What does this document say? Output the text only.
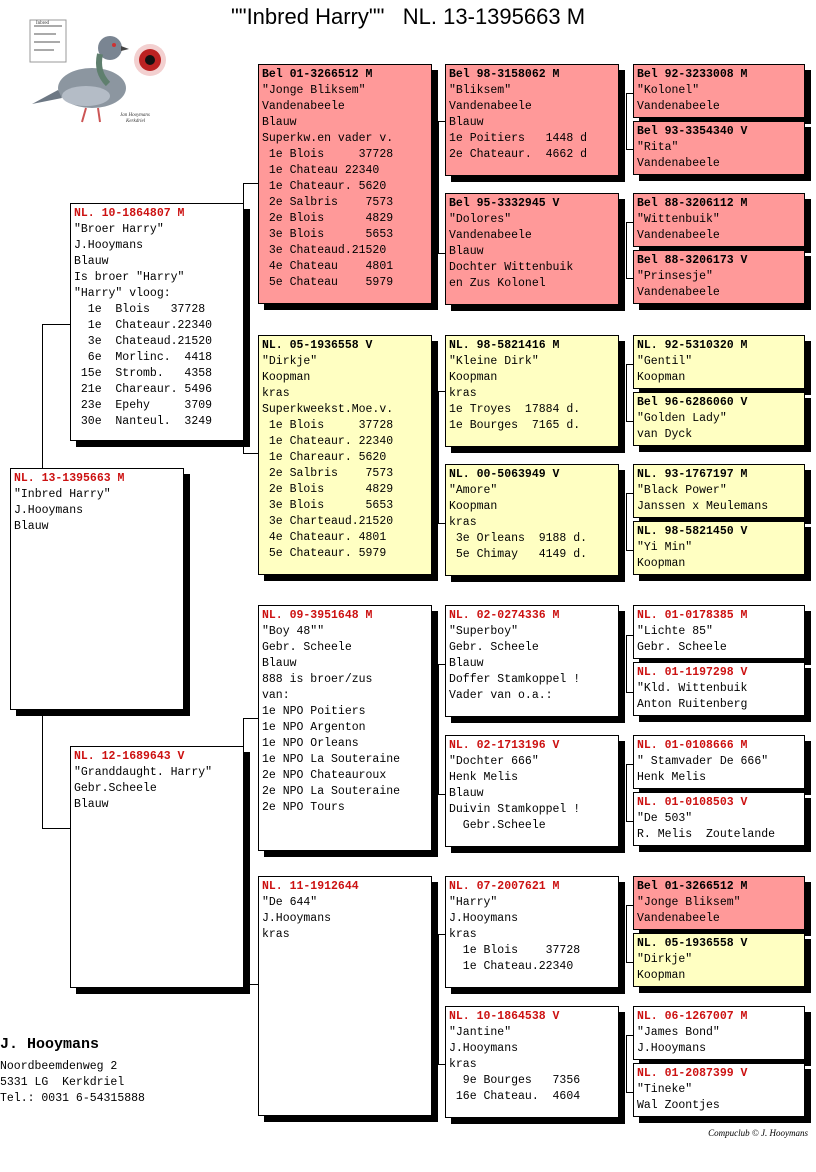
""Inbred Harry""   NL. 13-1395663 M
Inbred
Jan Hooymans
Kerkdriel
NL. 13-1395663 M
"Inbred Harry"
J.Hooymans
Blauw
NL. 10-1864807 M
"Broer Harry"
J.Hooymans
Blauw
Is broer "Harry"
"Harry" vloog:
1e  Blois   37728
1e  Chateaur.22340
3e  Chateaud.21520
6e  Morlinc.  4418
15e  Stromb.   4358
21e  Chareaur. 5496
23e  Epehy     3709
30e  Nanteul.  3249
NL. 12-1689643 V
"Granddaught. Harry"
Gebr.Scheele
Blauw
Bel 01-3266512 M
"Jonge Bliksem"
Vandenabeele
Blauw
Superkw.en vader v.
1e Blois     37728
1e Chateau 22340
1e Chateaur. 5620
2e Salbris    7573
2e Blois      4829
3e Blois      5653
3e Chateaud.21520
4e Chateau    4801
5e Chateau    5979
NL. 05-1936558 V
"Dirkje"
Koopman
kras
Superkweekst.Moe.v.
1e Blois     37728
1e Chateaur. 22340
1e Chareaur. 5620
2e Salbris    7573
2e Blois      4829
3e Blois      5653
3e Charteaud.21520
4e Chateaur. 4801
5e Chateaur. 5979
NL. 09-3951648 M
"Boy 48""
Gebr. Scheele
Blauw
888 is broer/zus
van:
1e NPO Poitiers
1e NPO Argenton
1e NPO Orleans
1e NPO La Souteraine
2e NPO Chateauroux
2e NPO La Souteraine
2e NPO Tours
NL. 11-1912644
"De 644"
J.Hooymans
kras
Bel 98-3158062 M
"Bliksem"
Vandenabeele
Blauw
1e Poitiers   1448 d
2e Chateaur.  4662 d
Bel 95-3332945 V
"Dolores"
Vandenabeele
Blauw
Dochter Wittenbuik
en Zus Kolonel
NL. 98-5821416 M
"Kleine Dirk"
Koopman
kras
1e Troyes  17884 d.
1e Bourges  7165 d.
NL. 00-5063949 V
"Amore"
Koopman
kras
3e Orleans  9188 d.
5e Chimay   4149 d.
NL. 02-0274336 M
"Superboy"
Gebr. Scheele
Blauw
Doffer Stamkoppel !
Vader van o.a.:
NL. 02-1713196 V
"Dochter 666"
Henk Melis
Blauw
Duivin Stamkoppel !
Gebr.Scheele
NL. 07-2007621 M
"Harry"
J.Hooymans
kras
1e Blois    37728
1e Chateau.22340
NL. 10-1864538 V
"Jantine"
J.Hooymans
kras
9e Bourges   7356
16e Chateau.  4604
Bel 92-3233008 M
"Kolonel"
Vandenabeele
Bel 93-3354340 V
"Rita"
Vandenabeele
Bel 88-3206112 M
"Wittenbuik"
Vandenabeele
Bel 88-3206173 V
"Prinsesje"
Vandenabeele
NL. 92-5310320 M
"Gentil"
Koopman
Bel 96-6286060 V
"Golden Lady"
van Dyck
NL. 93-1767197 M
"Black Power"
Janssen x Meulemans
NL. 98-5821450 V
"Yi Min"
Koopman
NL. 01-0178385 M
"Lichte 85"
Gebr. Scheele
NL. 01-1197298 V
"Kld. Wittenbuik
Anton Ruitenberg
NL. 01-0108666 M
" Stamvader De 666"
Henk Melis
NL. 01-0108503 V
"De 503"
R. Melis  Zoutelande
Bel 01-3266512 M
"Jonge Bliksem"
Vandenabeele
NL. 05-1936558 V
"Dirkje"
Koopman
NL. 06-1267007 M
"James Bond"
J.Hooymans
NL. 01-2087399 V
"Tineke"
Wal Zoontjes
J. Hooymans
Noordbeemdenweg 2
5331 LG  Kerkdriel
Tel.: 0031 6-54315888
Compuclub © J. Hooymans
